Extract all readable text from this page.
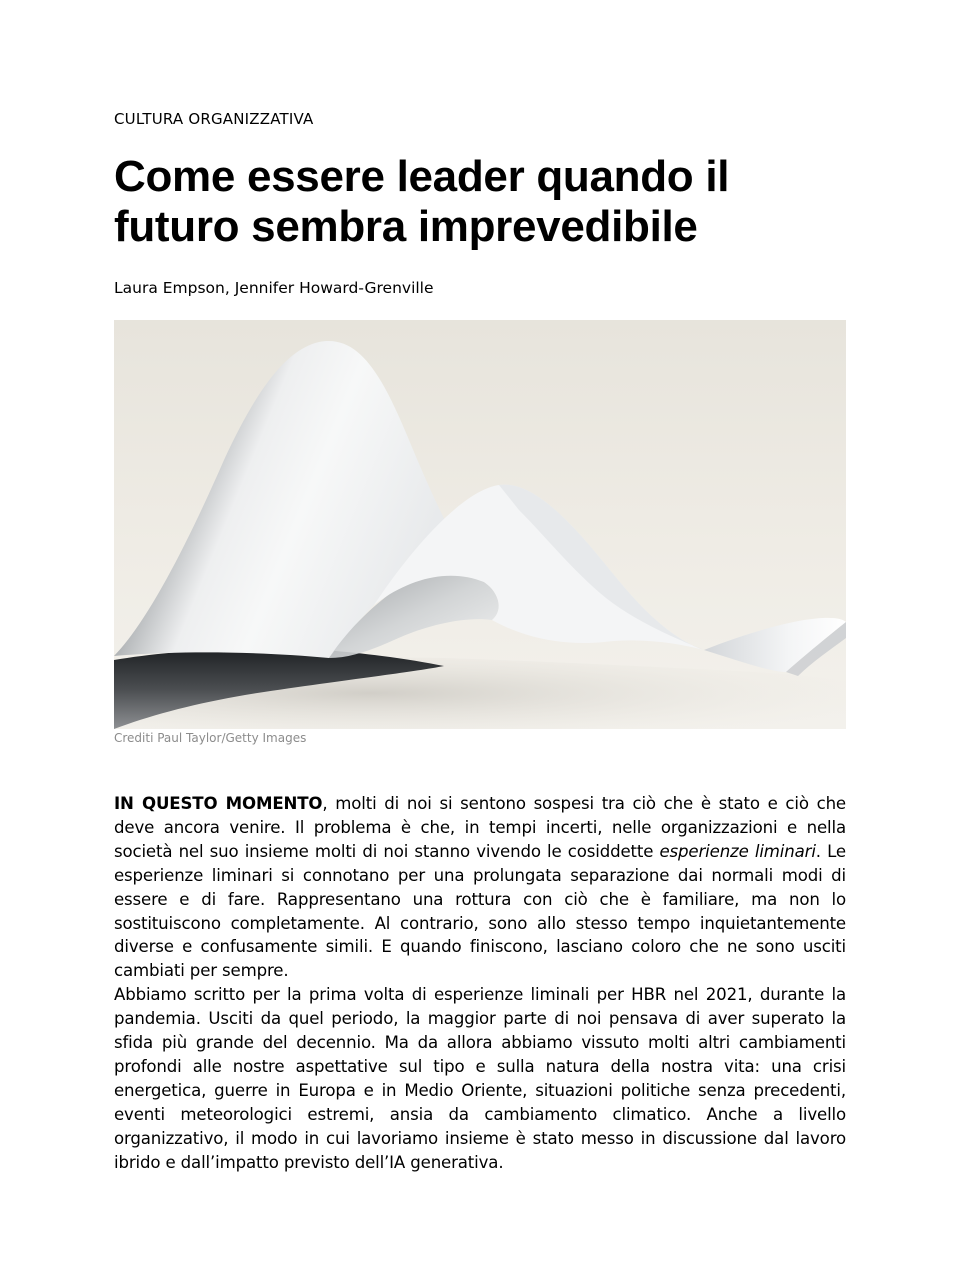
CULTURA ORGANIZZATIVA
Come essere leader quando il futuro sembra imprevedibile
Laura Empson, Jennifer Howard-Grenville
Crediti Paul Taylor/Getty Images

IN QUESTO MOMENTO, molti di noi si sentono sospesi tra ciò che è stato e ciò che deve ancora venire. Il problema è che, in tempi incerti, nelle organizzazioni e nella società nel suo insieme molti di noi stanno vivendo le cosiddette esperienze liminari. Le esperienze liminari si connotano per una prolungata separazione dai normali modi di essere e di fare. Rappresentano una rottura con ciò che è familiare, ma non lo sostituiscono completamente. Al contrario, sono allo stesso tempo inquietantemente diverse e confusamente simili. E quando finiscono, lasciano coloro che ne sono usciti cambiati per sempre.

Abbiamo scritto per la prima volta di esperienze liminali per HBR nel 2021, durante la pandemia. Usciti da quel periodo, la maggior parte di noi pensava di aver superato la sfida più grande del decennio. Ma da allora abbiamo vissuto molti altri cambiamenti profondi alle nostre aspettative sul tipo e sulla natura della nostra vita: una crisi energetica, guerre in Europa e in Medio Oriente, situazioni politiche senza precedenti, eventi meteorologici estremi, ansia da cambiamento climatico. Anche a livello organizzativo, il modo in cui lavoriamo insieme è stato messo in discussione dal lavoro ibrido e dall’impatto previsto dell’IA generativa.
